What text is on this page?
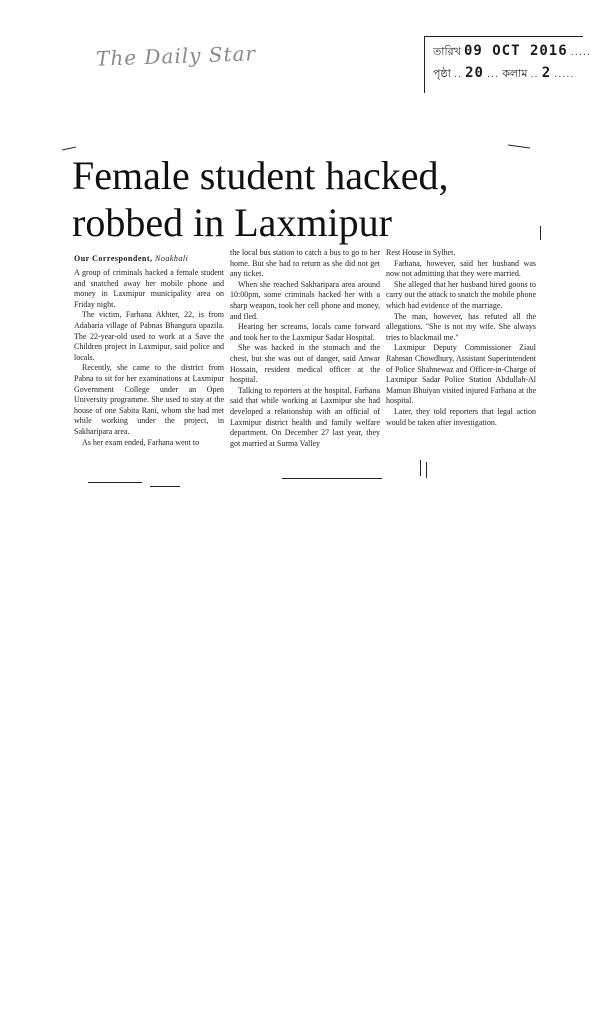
The Daily Star	তারিখ 09 OCT 2016 .....
পৃষ্ঠা .. 20 ... কলাম .. 2 .....
Female student hacked, robbed in Laxmipur
Our Correspondent, Noakhali

A group of criminals hacked a female student and snatched away her mobile phone and money in Laxmipur municipality area on Friday night.

The victim, Farhana Akhter, 22, is from Adabaria village of Pabnas Bhangura upazila. The 22-year-old used to work at a Save the Children project in Laxmipur, said police and locals.

Recently, she came to the district from Pabna to sit for her examinations at Laxmipur Government College under an Open University programme. She used to stay at the house of one Sabita Rani, whom she had met while working under the project, in Sakharipara area.

As her exam ended, Farhana went to

the local bus station to catch a bus to go to her home. But she had to return as she did not get any ticket.

When she reached Sakharipara area around 10:00pm, some criminals hacked her with a sharp weapon, took her cell phone and money, and fled.

Hearing her screams, locals came forward and took her to the Laxmipur Sadar Hospital.

She was hacked in the stomach and the chest, but she was out of danger, said Anwar Hossain, resident medical officer at the hospital.

Talking to reporters at the hospital, Farhana said that while working at Laxmipur she had developed a relationship with an official of Laxmipur district health and family welfare department. On December 27 last year, they got married at Surma Valley

Rest House in Sylhet.

Farhana, however, said her husband was now not admitting that they were married.

She alleged that her husband hired goons to carry out the attack to snatch the mobile phone which had evidence of the marriage.

The man, however, has refuted all the allegations. "She is not my wife. She always tries to blackmail me."

Laxmipur Deputy Commissioner Ziaul Rahman Chowdhury, Assistant Superintendent of Police Shahnewaz and Officer-in-Charge of Laxmipur Sadar Police Station Abdullah-Al Mamun Bhuiyan visited injured Farhana at the hospital.

Later, they told reporters that legal action would be taken after investigation.
